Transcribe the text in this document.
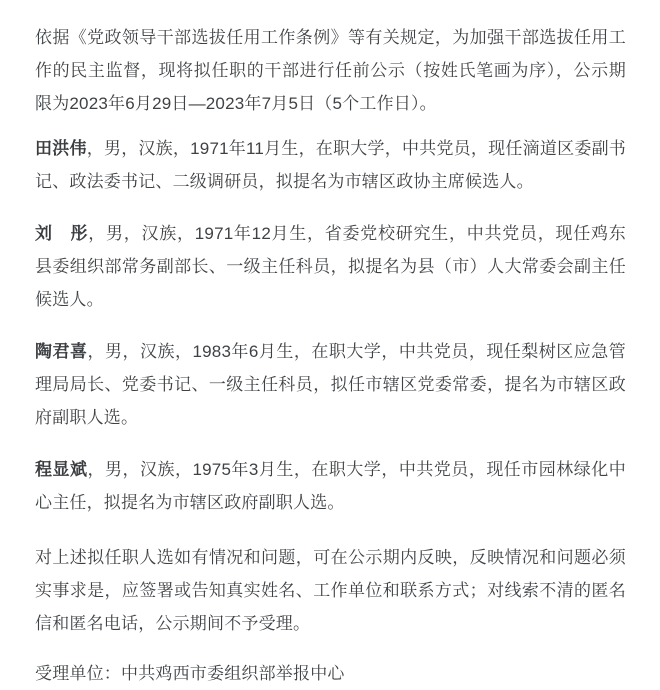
依据《党政领导干部选拔任用工作条例》等有关规定，为加强干部选拔任用工作的民主监督，现将拟任职的干部进行任前公示（按姓氏笔画为序），公示期限为2023年6月29日—2023年7月5日（5个工作日）。

田洪伟，男，汉族，1971年11月生，在职大学，中共党员，现任滴道区委副书记、政法委书记、二级调研员，拟提名为市辖区政协主席候选人。

刘　彤，男，汉族，1971年12月生，省委党校研究生，中共党员，现任鸡东县委组织部常务副部长、一级主任科员，拟提名为县（市）人大常委会副主任候选人。

陶君喜，男，汉族，1983年6月生，在职大学，中共党员，现任梨树区应急管理局局长、党委书记、一级主任科员，拟任市辖区党委常委，提名为市辖区政府副职人选。

程显斌，男，汉族，1975年3月生，在职大学，中共党员，现任市园林绿化中心主任，拟提名为市辖区政府副职人选。

对上述拟任职人选如有情况和问题，可在公示期内反映，反映情况和问题必须实事求是，应签署或告知真实姓名、工作单位和联系方式；对线索不清的匿名信和匿名电话，公示期间不予受理。

受理单位：中共鸡西市委组织部举报中心
